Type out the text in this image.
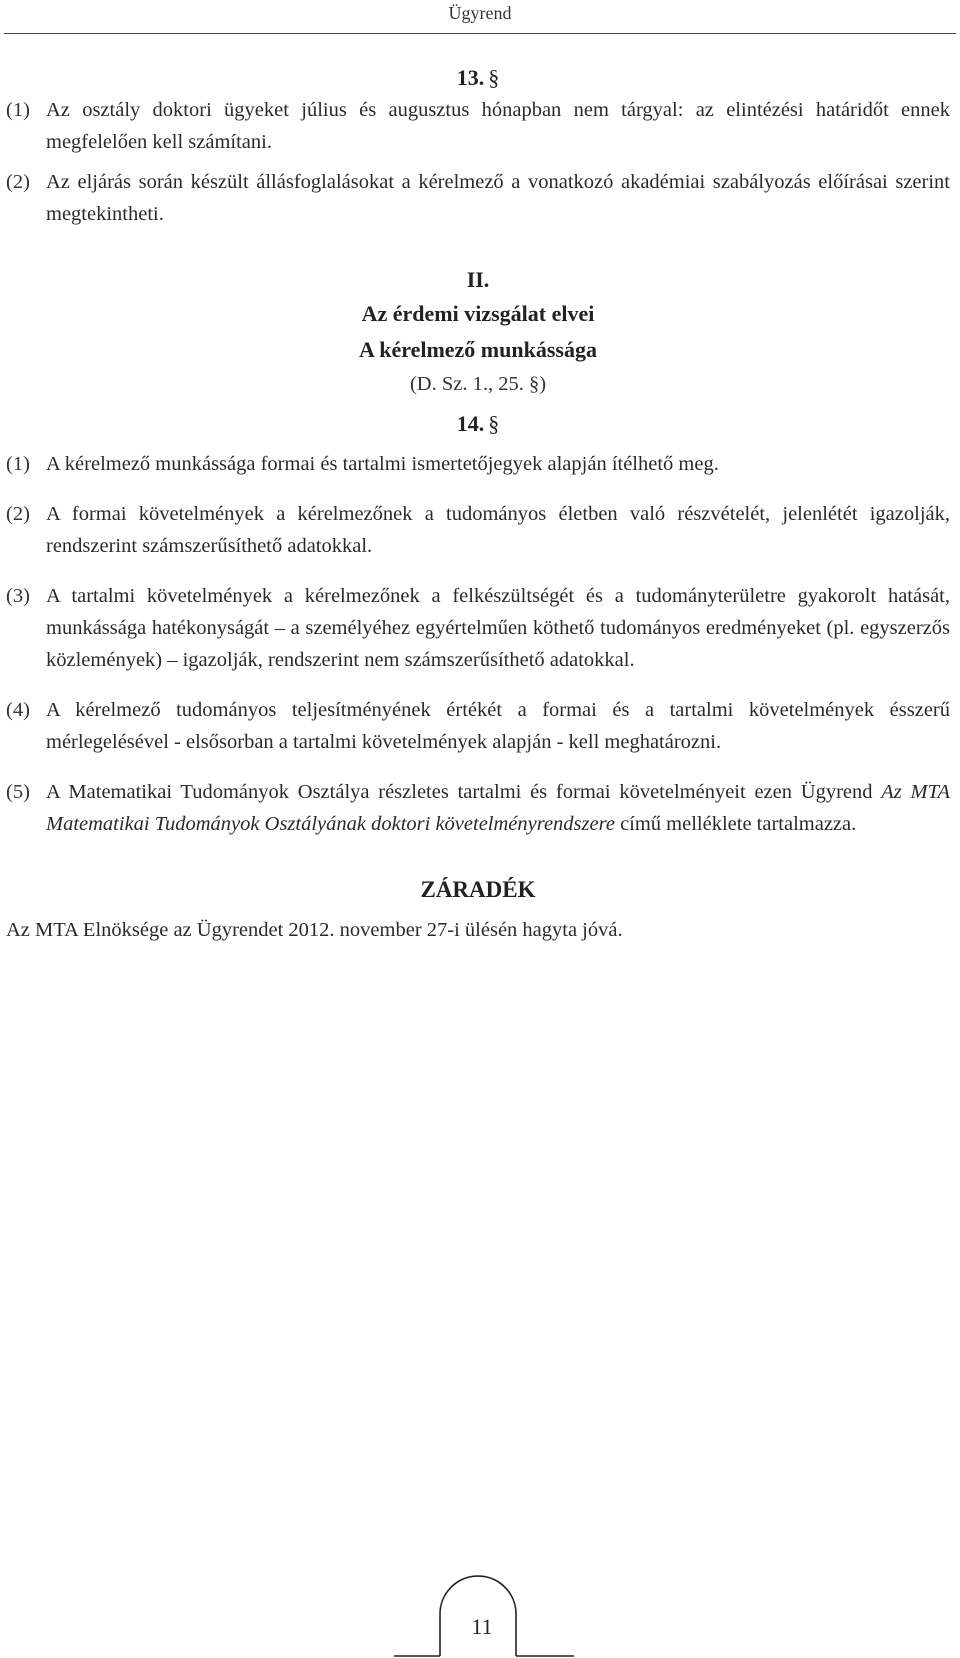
Ügyrend
13. §
(1) Az osztály doktori ügyeket július és augusztus hónapban nem tárgyal: az elintézési határidőt ennek megfelelően kell számítani.
(2) Az eljárás során készült állásfoglalásokat a kérelmező a vonatkozó akadémiai szabályozás előírásai szerint megtekintheti.
II.
Az érdemi vizsgálat elvei
A kérelmező munkássága
(D. Sz. 1., 25. §)
14. §
(1) A kérelmező munkássága formai és tartalmi ismertetőjegyek alapján ítélhető meg.
(2) A formai követelmények a kérelmezőnek a tudományos életben való részvételét, jelenlétét igazolják, rendszerint számszerűsíthető adatokkal.
(3) A tartalmi követelmények a kérelmezőnek a felkészültségét és a tudományterületre gyakorolt hatását, munkássága hatékonyságát – a személyéhez egyértelműen köthető tudományos eredményeket (pl. egyszerzős közlemények) – igazolják, rendszerint nem számszerűsíthető adatokkal.
(4) A kérelmező tudományos teljesítményének értékét a formai és a tartalmi követelmények ésszerű mérlegelésével - elsősorban a tartalmi követelmények alapján - kell meghatározni.
(5) A Matematikai Tudományok Osztálya részletes tartalmi és formai követelményeit ezen Ügyrend Az MTA Matematikai Tudományok Osztályának doktori követelményrendszere című melléklete tartalmazza.
ZÁRADÉK

Az MTA Elnöksége az Ügyrendet 2012. november 27-i ülésén hagyta jóvá.

11
